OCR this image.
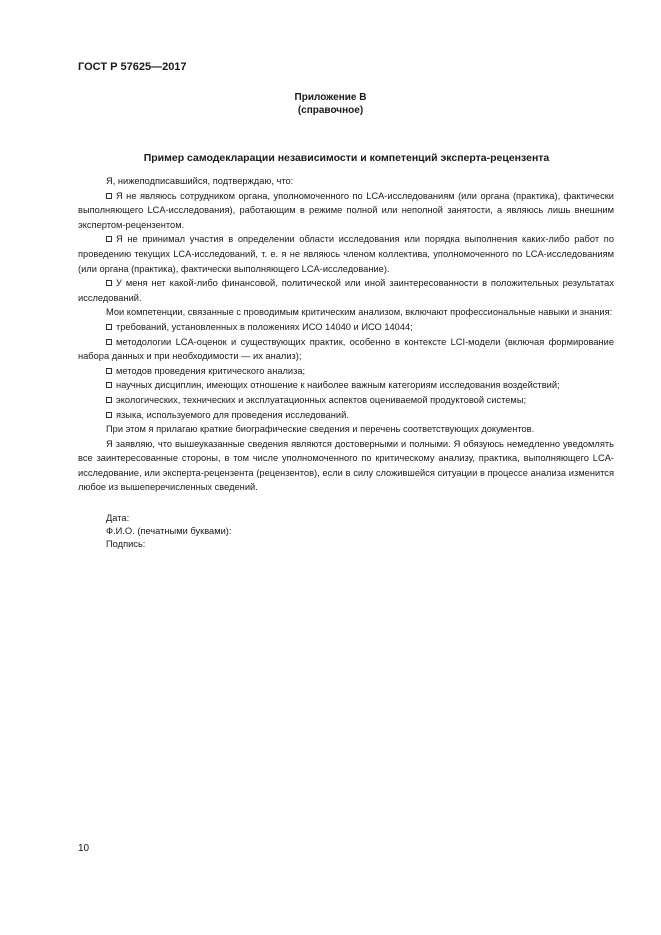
ГОСТ Р 57625—2017
Приложение В
(справочное)
Пример самодекларации независимости и компетенций эксперта-рецензента

Я, нижеподписавшийся, подтверждаю, что:

Я не являюсь сотрудником органа, уполномоченного по LCA-исследованиям (или органа (практика), фактически выполняющего LCA-исследования), работающим в режиме полной или неполной занятости, а являюсь лишь внешним экспертом-рецензентом.

Я не принимал участия в определении области исследования или порядка выполнения каких-либо работ по проведению текущих LCA-исследований, т. е. я не являюсь членом коллектива, уполномоченного по LCA-исследованиям (или органа (практика), фактически выполняющего LCA-исследование).

У меня нет какой-либо финансовой, политической или иной заинтересованности в положительных результатах исследований.

Мои компетенции, связанные с проводимым критическим анализом, включают профессиональные навыки и знания:

требований, установленных в положениях ИСО 14040 и ИСО 14044;

методологии LCA-оценок и существующих практик, особенно в контексте LCI-модели (включая формирование набора данных и при необходимости — их анализ);

методов проведения критического анализа;

научных дисциплин, имеющих отношение к наиболее важным категориям исследования воздействий;

экологических, технических и эксплуатационных аспектов оцениваемой продуктовой системы;

языка, используемого для проведения исследований.

При этом я прилагаю краткие биографические сведения и перечень соответствующих документов.

Я заявляю, что вышеуказанные сведения являются достоверными и полными. Я обязуюсь немедленно уведомлять все заинтересованные стороны, в том числе уполномоченного по критическому анализу, практика, выполняющего LCA-исследование, или эксперта-рецензента (рецензентов), если в силу сложившейся ситуации в процессе анализа изменится любое из вышеперечисленных сведений.

Дата:
Ф.И.О. (печатными буквами):
Подпись:
10
